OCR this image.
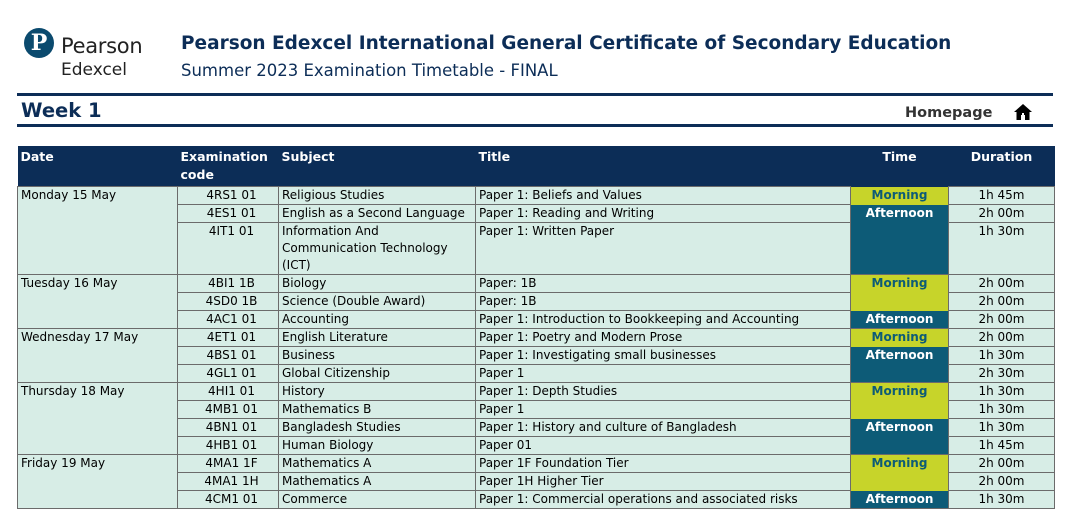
P Pearson
Edexcel
Pearson Edexcel International General Certificate of Secondary Education
Summer 2023 Examination Timetable - FINAL
Week 1	Homepage
Date	Examination code	Subject	Title	Time	Duration
Monday 15 May	4RS1 01	Religious Studies	Paper 1: Beliefs and Values	Morning	1h 45m
	4ES1 01	English as a Second Language	Paper 1: Reading and Writing	Afternoon	2h 00m
	4IT1 01	Information And Communication Technology (ICT)	Paper 1: Written Paper		1h 30m
Tuesday 16 May	4BI1 1B	Biology	Paper: 1B	Morning	2h 00m
	4SD0 1B	Science (Double Award)	Paper: 1B		2h 00m
	4AC1 01	Accounting	Paper 1: Introduction to Bookkeeping and Accounting	Afternoon	2h 00m
Wednesday 17 May	4ET1 01	English Literature	Paper 1: Poetry and Modern Prose	Morning	2h 00m
	4BS1 01	Business	Paper 1: Investigating small businesses	Afternoon	1h 30m
	4GL1 01	Global Citizenship	Paper 1		2h 30m
Thursday 18 May	4HI1 01	History	Paper 1: Depth Studies	Morning	1h 30m
	4MB1 01	Mathematics B	Paper 1		1h 30m
	4BN1 01	Bangladesh Studies	Paper 1: History and culture of Bangladesh	Afternoon	1h 30m
	4HB1 01	Human Biology	Paper 01		1h 45m
Friday 19 May	4MA1 1F	Mathematics A	Paper 1F Foundation Tier	Morning	2h 00m
	4MA1 1H	Mathematics A	Paper 1H Higher Tier		2h 00m
	4CM1 01	Commerce	Paper 1: Commercial operations and associated risks	Afternoon	1h 30m
